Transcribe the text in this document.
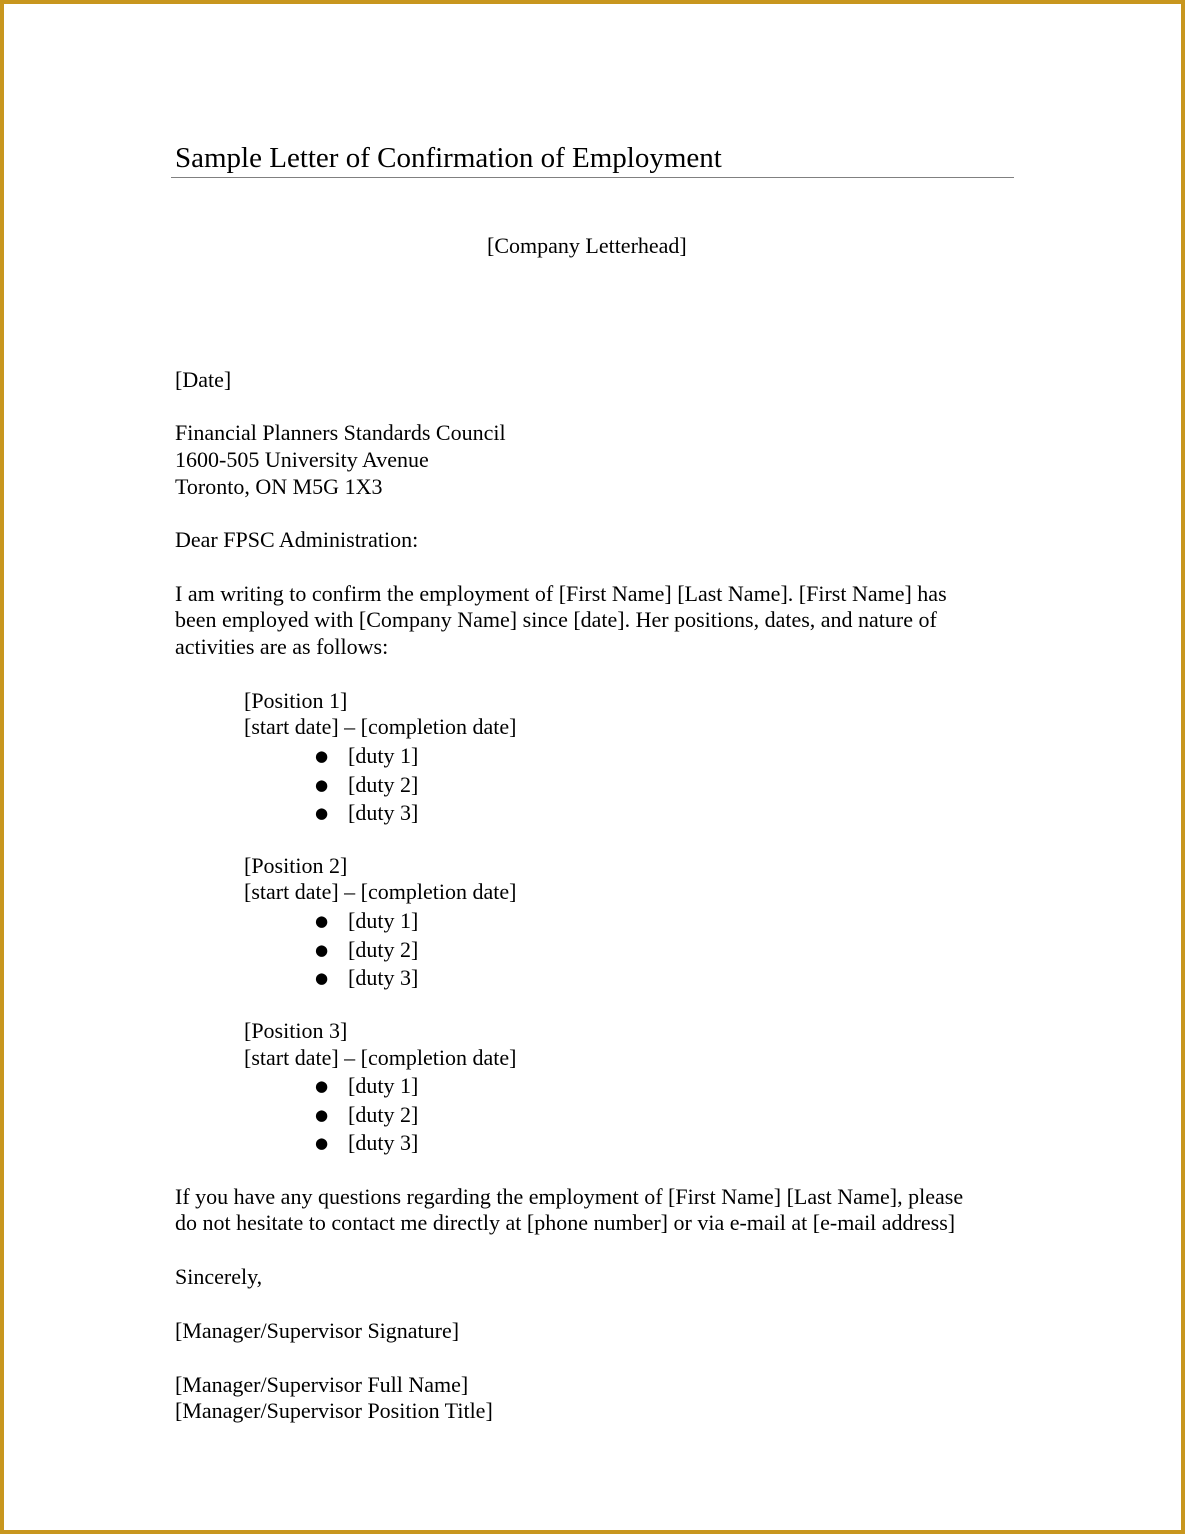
Sample Letter of Confirmation of Employment
[Company Letterhead]
[Date]
Financial Planners Standards Council
1600-505 University Avenue
Toronto, ON M5G 1X3
Dear FPSC Administration:
I am writing to confirm the employment of [First Name] [Last Name]. [First Name] has
been employed with [Company Name] since [date]. Her positions, dates, and nature of
activities are as follows:
[Position 1]
[start date] – [completion date]
● [duty 1]
● [duty 2]
● [duty 3]
[Position 2]
[start date] – [completion date]
● [duty 1]
● [duty 2]
● [duty 3]
[Position 3]
[start date] – [completion date]
● [duty 1]
● [duty 2]
● [duty 3]
If you have any questions regarding the employment of [First Name] [Last Name], please
do not hesitate to contact me directly at [phone number] or via e-mail at [e-mail address]
Sincerely,
[Manager/Supervisor Signature]
[Manager/Supervisor Full Name]
[Manager/Supervisor Position Title]
